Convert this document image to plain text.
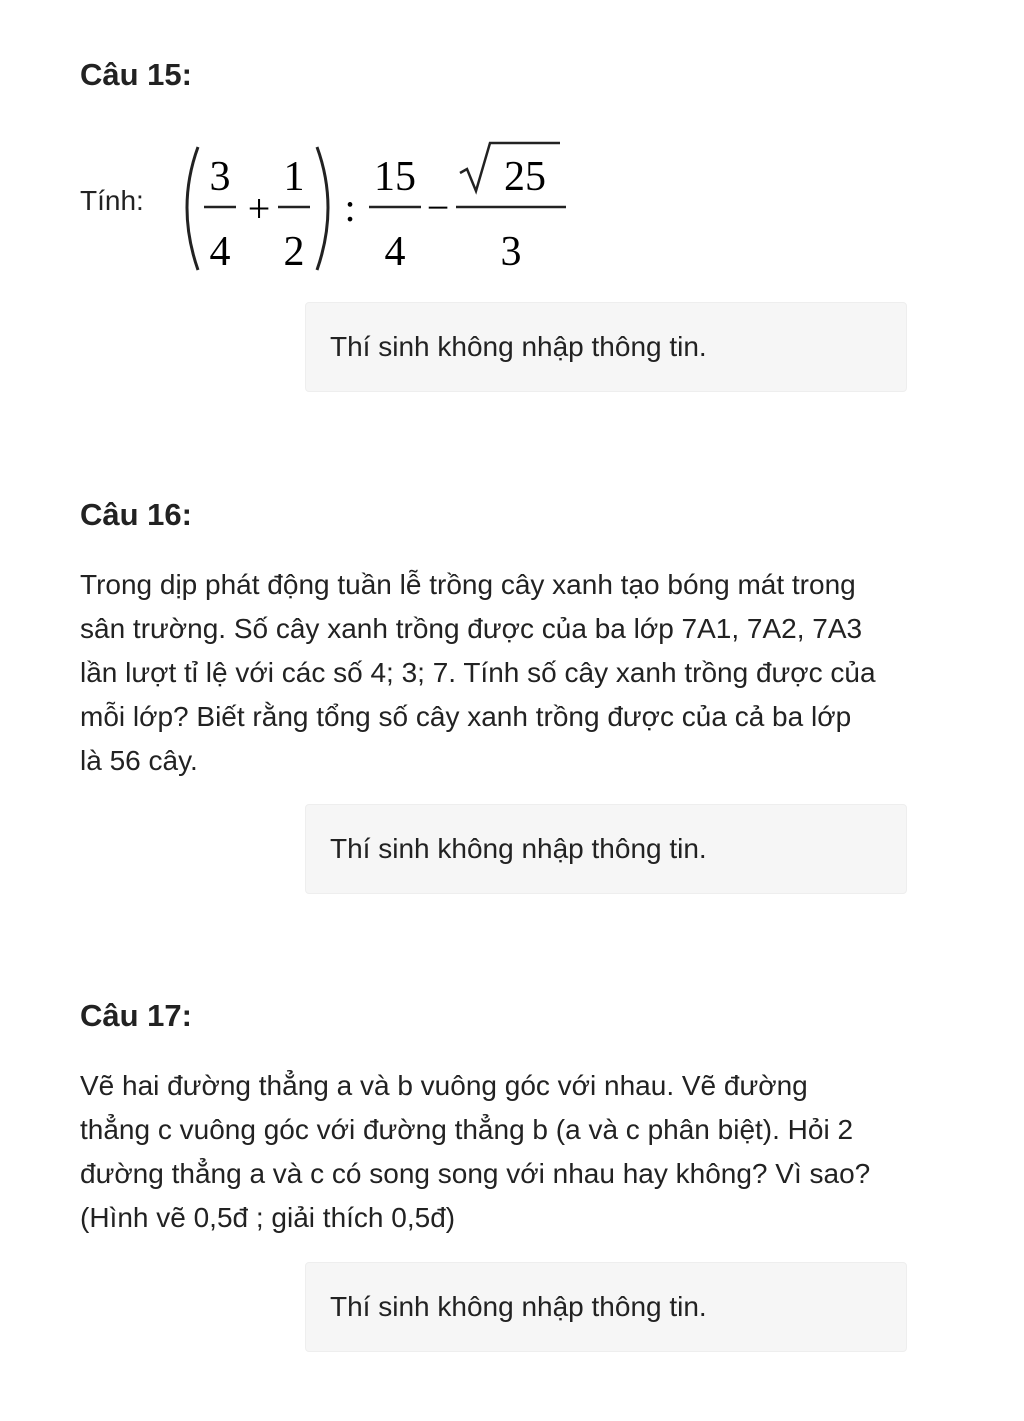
Câu 15:

Tính:
3
4
+
1
2
:
15
4
−
25
3
Thí sinh không nhập thông tin.

Câu 16:

Trong dịp phát động tuần lễ trồng cây xanh tạo bóng mát trong

sân trường. Số cây xanh trồng được của ba lớp 7A1, 7A2, 7A3

lần lượt tỉ lệ với các số 4; 3; 7. Tính số cây xanh trồng được của

mỗi lớp? Biết rằng tổng số cây xanh trồng được của cả ba lớp

là 56 cây.

Thí sinh không nhập thông tin.

Câu 17:

Vẽ hai đường thẳng a và b vuông góc với nhau. Vẽ đường

thẳng c vuông góc với đường thẳng b (a và c phân biệt). Hỏi 2

đường thẳng a và c có song song với nhau hay không? Vì sao?

(Hình vẽ 0,5đ ; giải thích 0,5đ)

Thí sinh không nhập thông tin.
